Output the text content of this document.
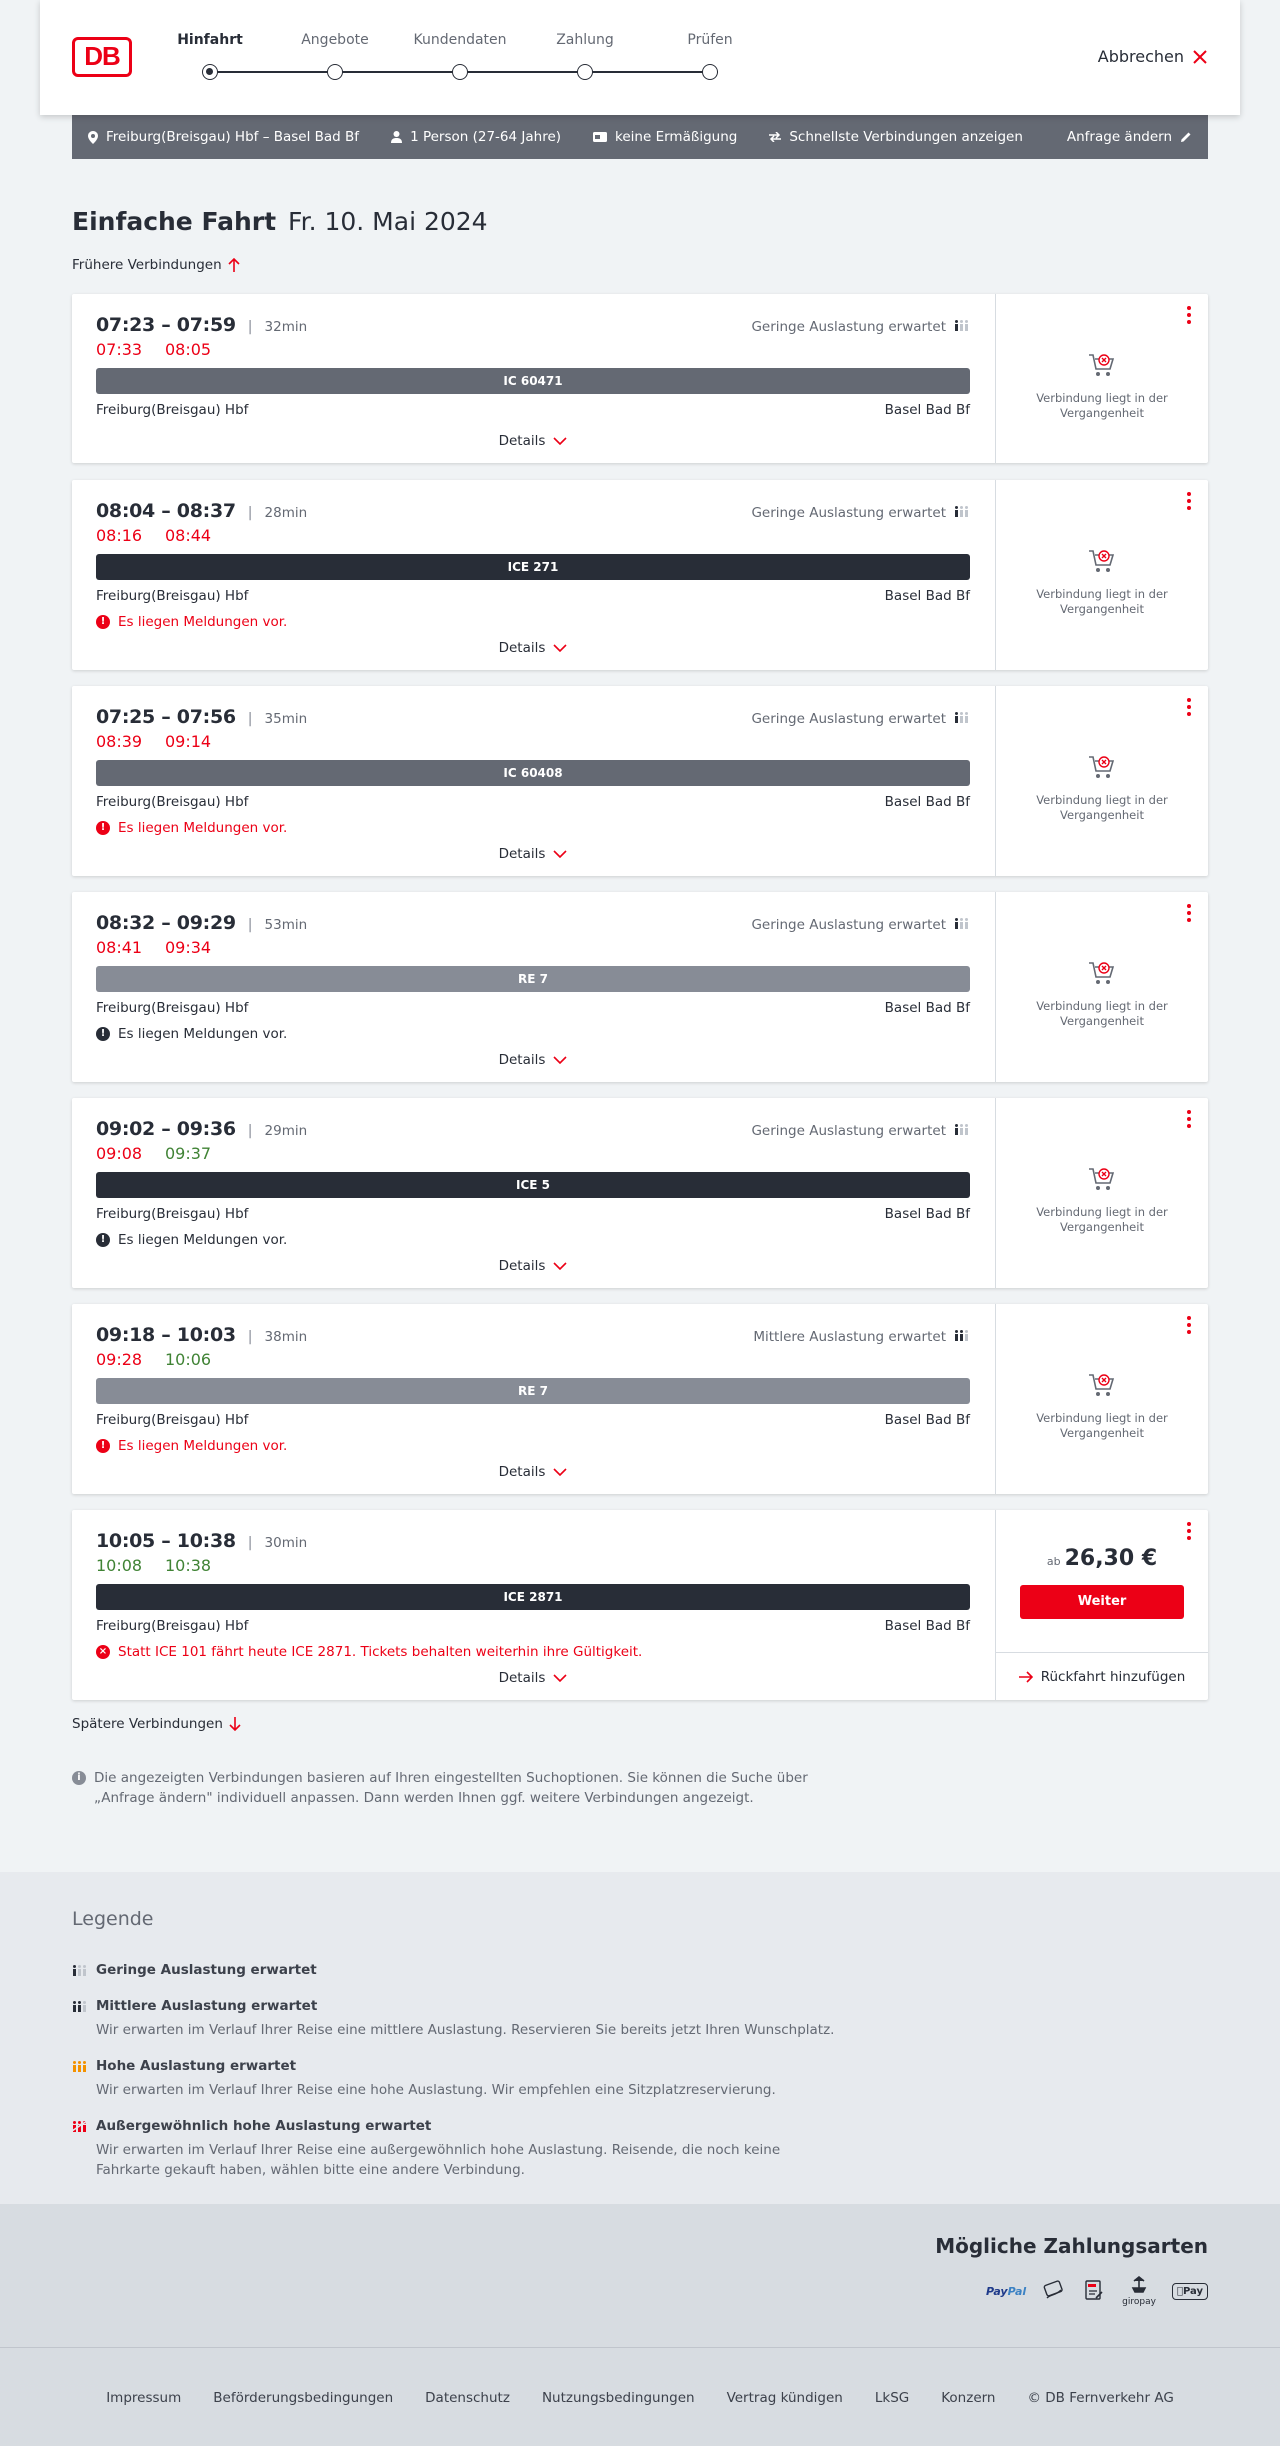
DB
Hinfahrt	Angebote	Kundendaten	Zahlung	Prüfen
Abbrechen
Freiburg(Breisgau) Hbf – Basel Bad Bf	1 Person (27-64 Jahre)	keine Ermäßigung	Schnellste Verbindungen anzeigen	Anfrage ändern
Einfache Fahrt Fr. 10. Mai 2024
Frühere Verbindungen
07:23 – 07:59 | 32min	Geringe Auslastung erwartet
07:33 08:05
IC 60471
Freiburg(Breisgau) Hbf	Basel Bad Bf
Details
Verbindung liegt in der Vergangenheit
08:04 – 08:37 | 28min	Geringe Auslastung erwartet
08:16 08:44
ICE 271
Freiburg(Breisgau) Hbf	Basel Bad Bf
! Es liegen Meldungen vor.
Details
Verbindung liegt in der Vergangenheit
07:25 – 07:56 | 35min	Geringe Auslastung erwartet
08:39 09:14
IC 60408
Freiburg(Breisgau) Hbf	Basel Bad Bf
! Es liegen Meldungen vor.
Details
Verbindung liegt in der Vergangenheit
08:32 – 09:29 | 53min	Geringe Auslastung erwartet
08:41 09:34
RE 7
Freiburg(Breisgau) Hbf	Basel Bad Bf
! Es liegen Meldungen vor.
Details
Verbindung liegt in der Vergangenheit
09:02 – 09:36 | 29min	Geringe Auslastung erwartet
09:08 09:37
ICE 5
Freiburg(Breisgau) Hbf	Basel Bad Bf
! Es liegen Meldungen vor.
Details
Verbindung liegt in der Vergangenheit
09:18 – 10:03 | 38min	Mittlere Auslastung erwartet
09:28 10:06
RE 7
Freiburg(Breisgau) Hbf	Basel Bad Bf
! Es liegen Meldungen vor.
Details
Verbindung liegt in der Vergangenheit
10:05 – 10:38 | 30min
10:08 10:38
ICE 2871
Freiburg(Breisgau) Hbf	Basel Bad Bf
× Statt ICE 101 fährt heute ICE 2871. Tickets behalten weiterhin ihre Gültigkeit.
Details
ab 26,30 €
Weiter
Rückfahrt hinzufügen
Spätere Verbindungen
i Die angezeigten Verbindungen basieren auf Ihren eingestellten Suchoptionen. Sie können die Suche über „Anfrage ändern" individuell anpassen. Dann werden Ihnen ggf. weitere Verbindungen angezeigt.
Legende
Geringe Auslastung erwartet
Mittlere Auslastung erwartet
Wir erwarten im Verlauf Ihrer Reise eine mittlere Auslastung. Reservieren Sie bereits jetzt Ihren Wunschplatz.
Hohe Auslastung erwartet
Wir erwarten im Verlauf Ihrer Reise eine hohe Auslastung. Wir empfehlen eine Sitzplatzreservierung.
Außergewöhnlich hohe Auslastung erwartet
Wir erwarten im Verlauf Ihrer Reise eine außergewöhnlich hohe Auslastung. Reisende, die noch keine Fahrkarte gekauft haben, wählen bitte eine andere Verbindung.
Mögliche Zahlungsarten
PayPal
giropay
Pay
Impressum Beförderungsbedingungen Datenschutz Nutzungsbedingungen Vertrag kündigen LkSG Konzern © DB Fernverkehr AG
